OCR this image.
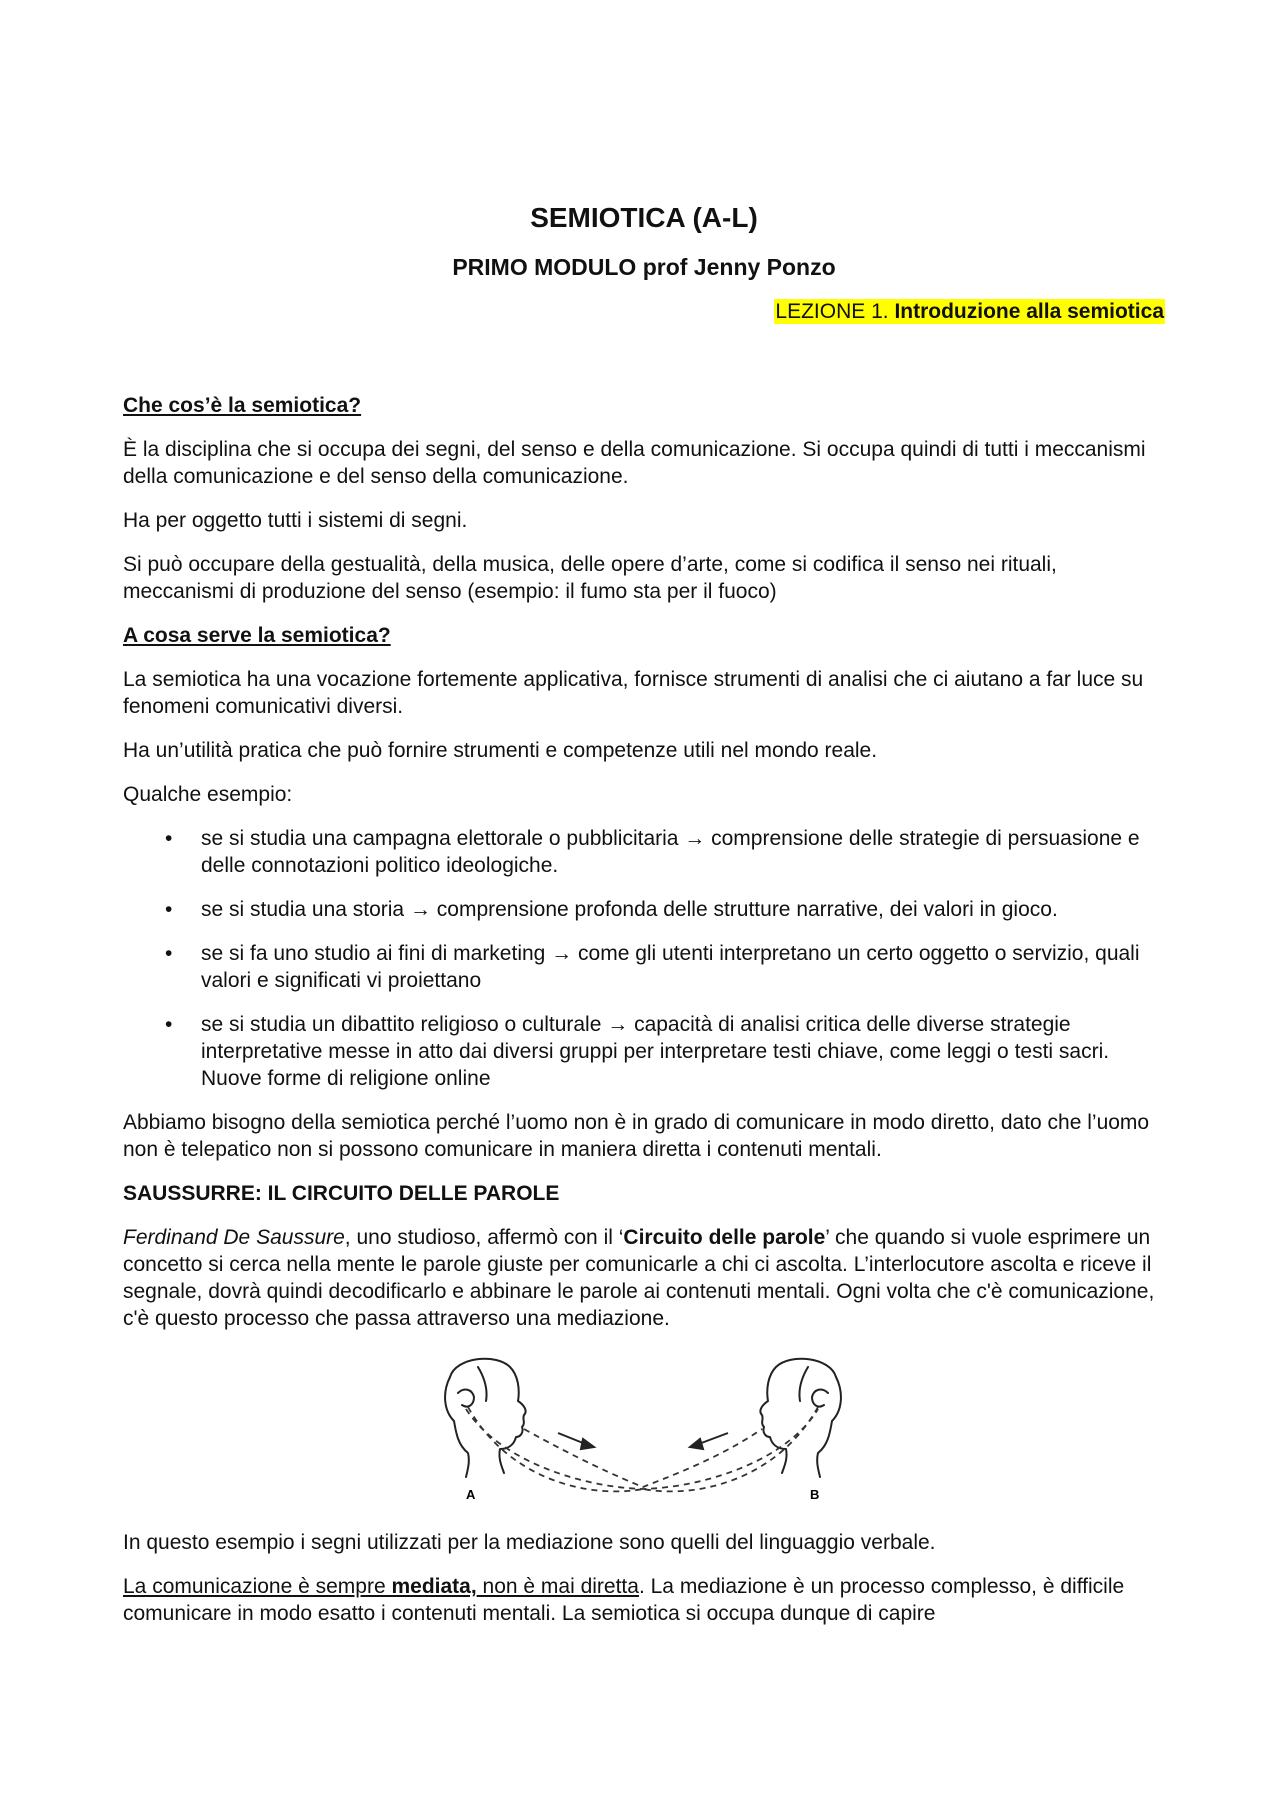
SEMIOTICA (A-L)
PRIMO MODULO prof Jenny Ponzo
LEZIONE 1. Introduzione alla semiotica
Che cos’è la semiotica?

È la disciplina che si occupa dei segni, del senso e della comunicazione. Si occupa quindi di tutti i meccanismi della comunicazione e del senso della comunicazione.

Ha per oggetto tutti i sistemi di segni.

Si può occupare della gestualità, della musica, delle opere d’arte, come si codifica il senso nei rituali, meccanismi di produzione del senso (esempio: il fumo sta per il fuoco)

A cosa serve la semiotica?

La semiotica ha una vocazione fortemente applicativa, fornisce strumenti di analisi che ci aiutano a far luce su fenomeni comunicativi diversi.

Ha un’utilità pratica che può fornire strumenti e competenze utili nel mondo reale.

Qualche esempio:

• se si studia una campagna elettorale o pubblicitaria → comprensione delle strategie di persuasione e delle connotazioni politico ideologiche.
• se si studia una storia → comprensione profonda delle strutture narrative, dei valori in gioco.
• se si fa uno studio ai fini di marketing → come gli utenti interpretano un certo oggetto o servizio, quali valori e significati vi proiettano
• se si studia un dibattito religioso o culturale → capacità di analisi critica delle diverse strategie interpretative messe in atto dai diversi gruppi per interpretare testi chiave, come leggi o testi sacri. Nuove forme di religione online

Abbiamo bisogno della semiotica perché l’uomo non è in grado di comunicare in modo diretto, dato che l’uomo non è telepatico non si possono comunicare in maniera diretta i contenuti mentali.

SAUSSURRE: IL CIRCUITO DELLE PAROLE

Ferdinand De Saussure, uno studioso, affermò con il ‘Circuito delle parole’ che quando si vuole esprimere un concetto si cerca nella mente le parole giuste per comunicarle a chi ci ascolta. L’interlocutore ascolta e riceve il segnale, dovrà quindi decodificarlo e abbinare le parole ai contenuti mentali. Ogni volta che c'è comunicazione, c'è questo processo che passa attraverso una mediazione.

A	B

In questo esempio i segni utilizzati per la mediazione sono quelli del linguaggio verbale.

La comunicazione è sempre mediata, non è mai diretta. La mediazione è un processo complesso, è difficile comunicare in modo esatto i contenuti mentali. La semiotica si occupa dunque di capire
